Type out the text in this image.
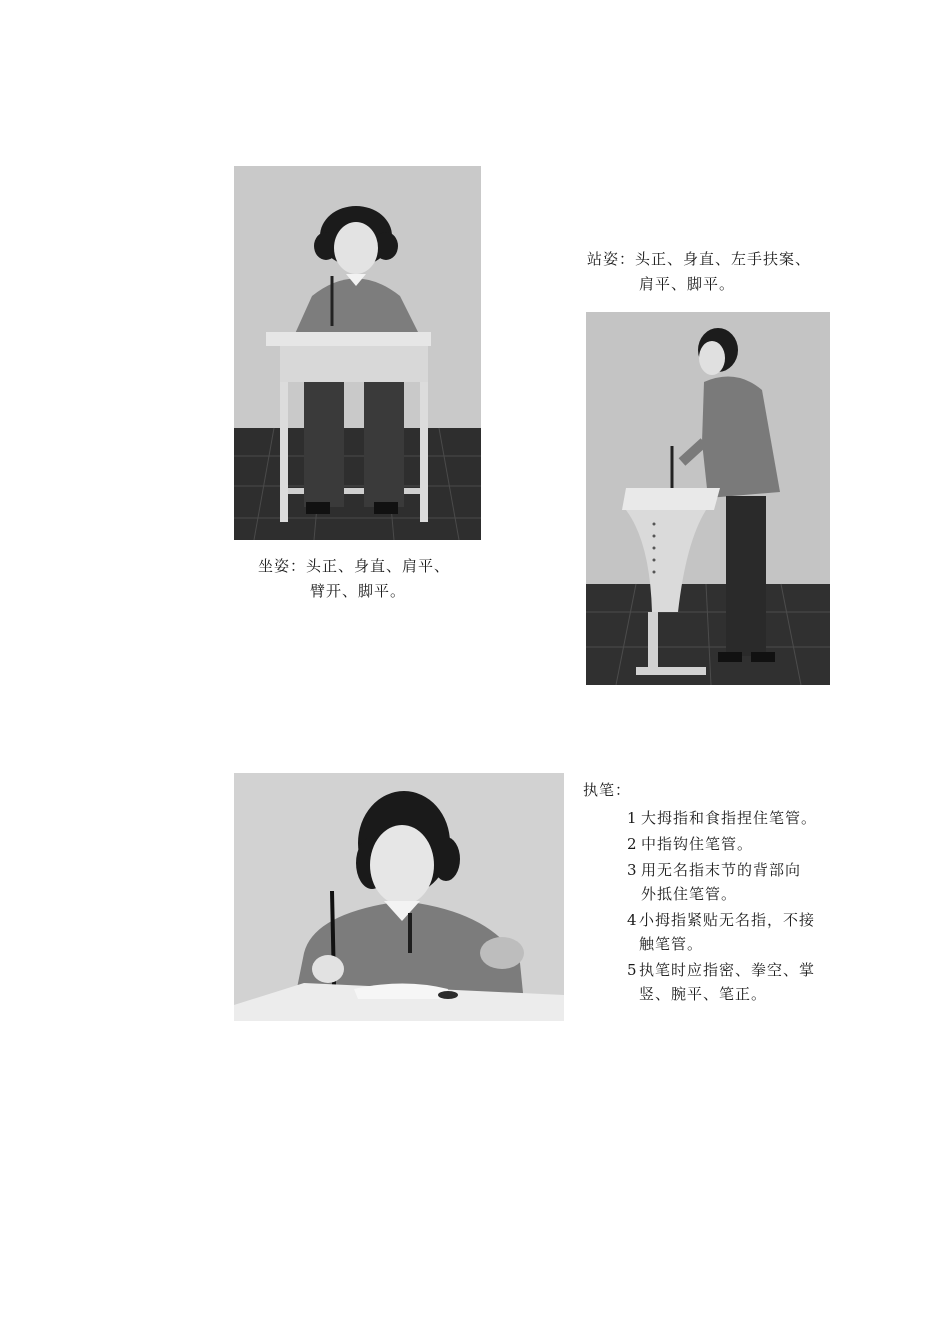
坐姿：头正、身直、肩平、
臂开、脚平。
站姿：头正、身直、左手扶案、
肩平、脚平。
执笔：
1 大拇指和食指捏住笔管。
2 中指钩住笔管。
3 用无名指末节的背部向
外抵住笔管。
4 小拇指紧贴无名指，不接
触笔管。
5 执笔时应指密、拳空、掌
竖、腕平、笔正。
